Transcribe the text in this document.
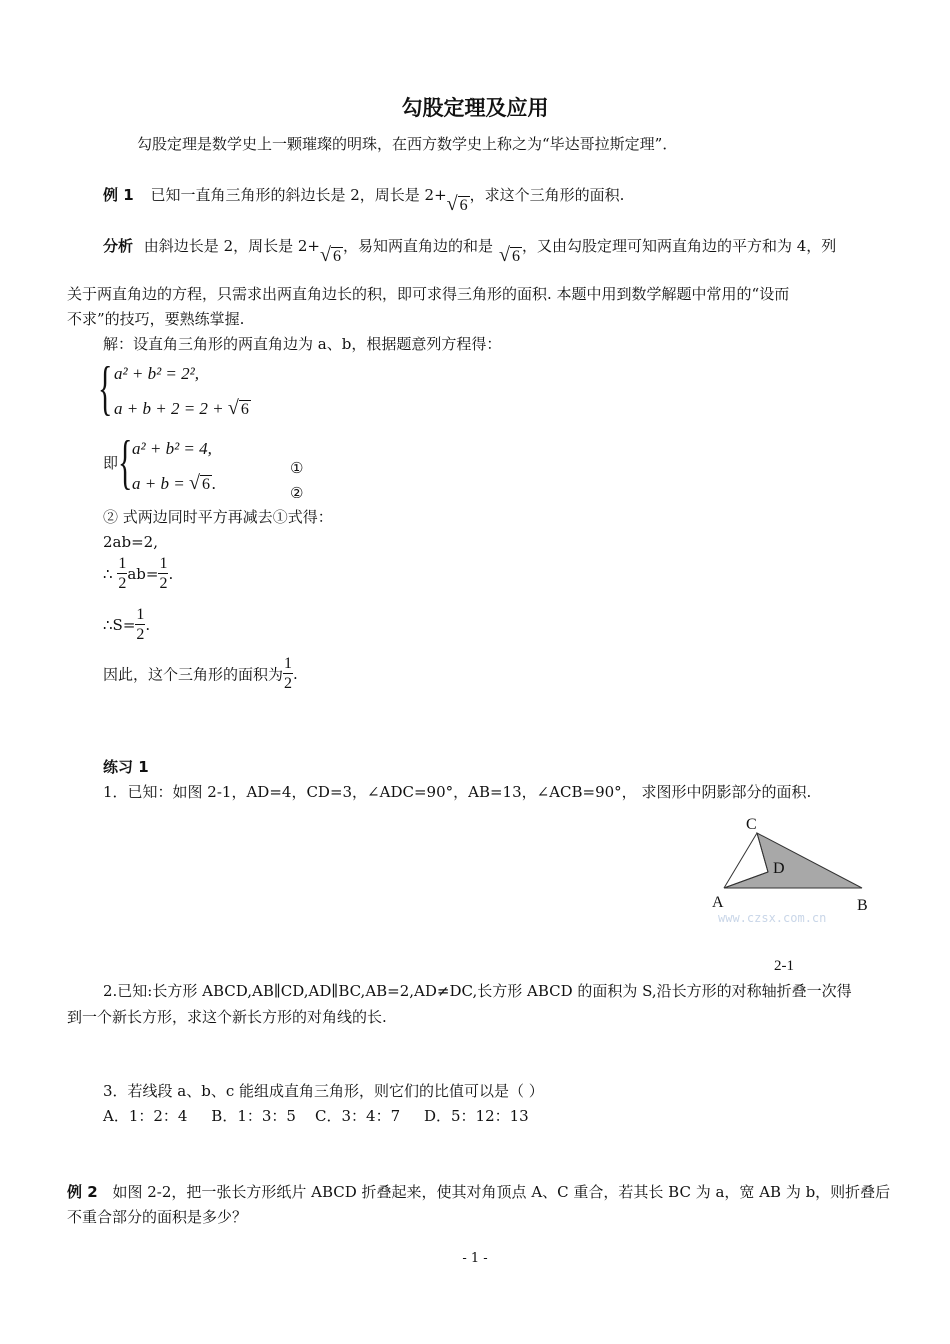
勾股定理及应用
勾股定理是数学史上一颗璀璨的明珠，在西方数学史上称之为“毕达哥拉斯定理”．
例 1 已知一直角三角形的斜边长是 2，周长是 2+√ 6，求这个三角形的面积.
分析 由斜边长是 2，周长是 2+√ 6，易知两直角边的和是 √ 6，又由勾股定理可知两直角边的平方和为 4，列
关于两直角边的方程，只需求出两直角边长的积，即可求得三角形的面积. 本题中用到数学解题中常用的“设而
不求”的技巧，要熟练掌握.
解：设直角三角形的两直角边为 a、b，根据题意列方程得：
{ a² + b² = 2²,
a + b + 2 = 2 + √ 6
即 { a² + b² = 4,
a + b = √ 6 .
①
②
② 式两边同时平方再减去①式得：
2ab=2,
∴ $\frac{1}{2} ab= \frac{1}{2}$ .
∴S= $\frac{1}{2}$ .
因此，这个三角形的面积为 $\frac{1}{2}$ .
练习 1
1．已知：如图 2-1，AD=4，CD=3，∠ADC=90°，AB=13，∠ACB=90°， 求图形中阴影部分的面积.
C
D
A	B
www.czsx.com.cn
2-1
2.已知:长方形 ABCD,AB∥CD,AD∥BC,AB=2,AD≠DC,长方形 ABCD 的面积为 S,沿长方形的对称轴折叠一次得
到一个新长方形，求这个新长方形的对角线的长.
3．若线段 a、b、c 能组成直角三角形，则它们的比值可以是（ ）
A．1：2：4     B．1：3：5    C．3：4：7     D．5：12：13
例 2 如图 2-2，把一张长方形纸片 ABCD 折叠起来，使其对角顶点 A、C 重合，若其长 BC 为 a，宽 AB 为 b，则折叠后
不重合部分的面积是多少？
- 1 -
